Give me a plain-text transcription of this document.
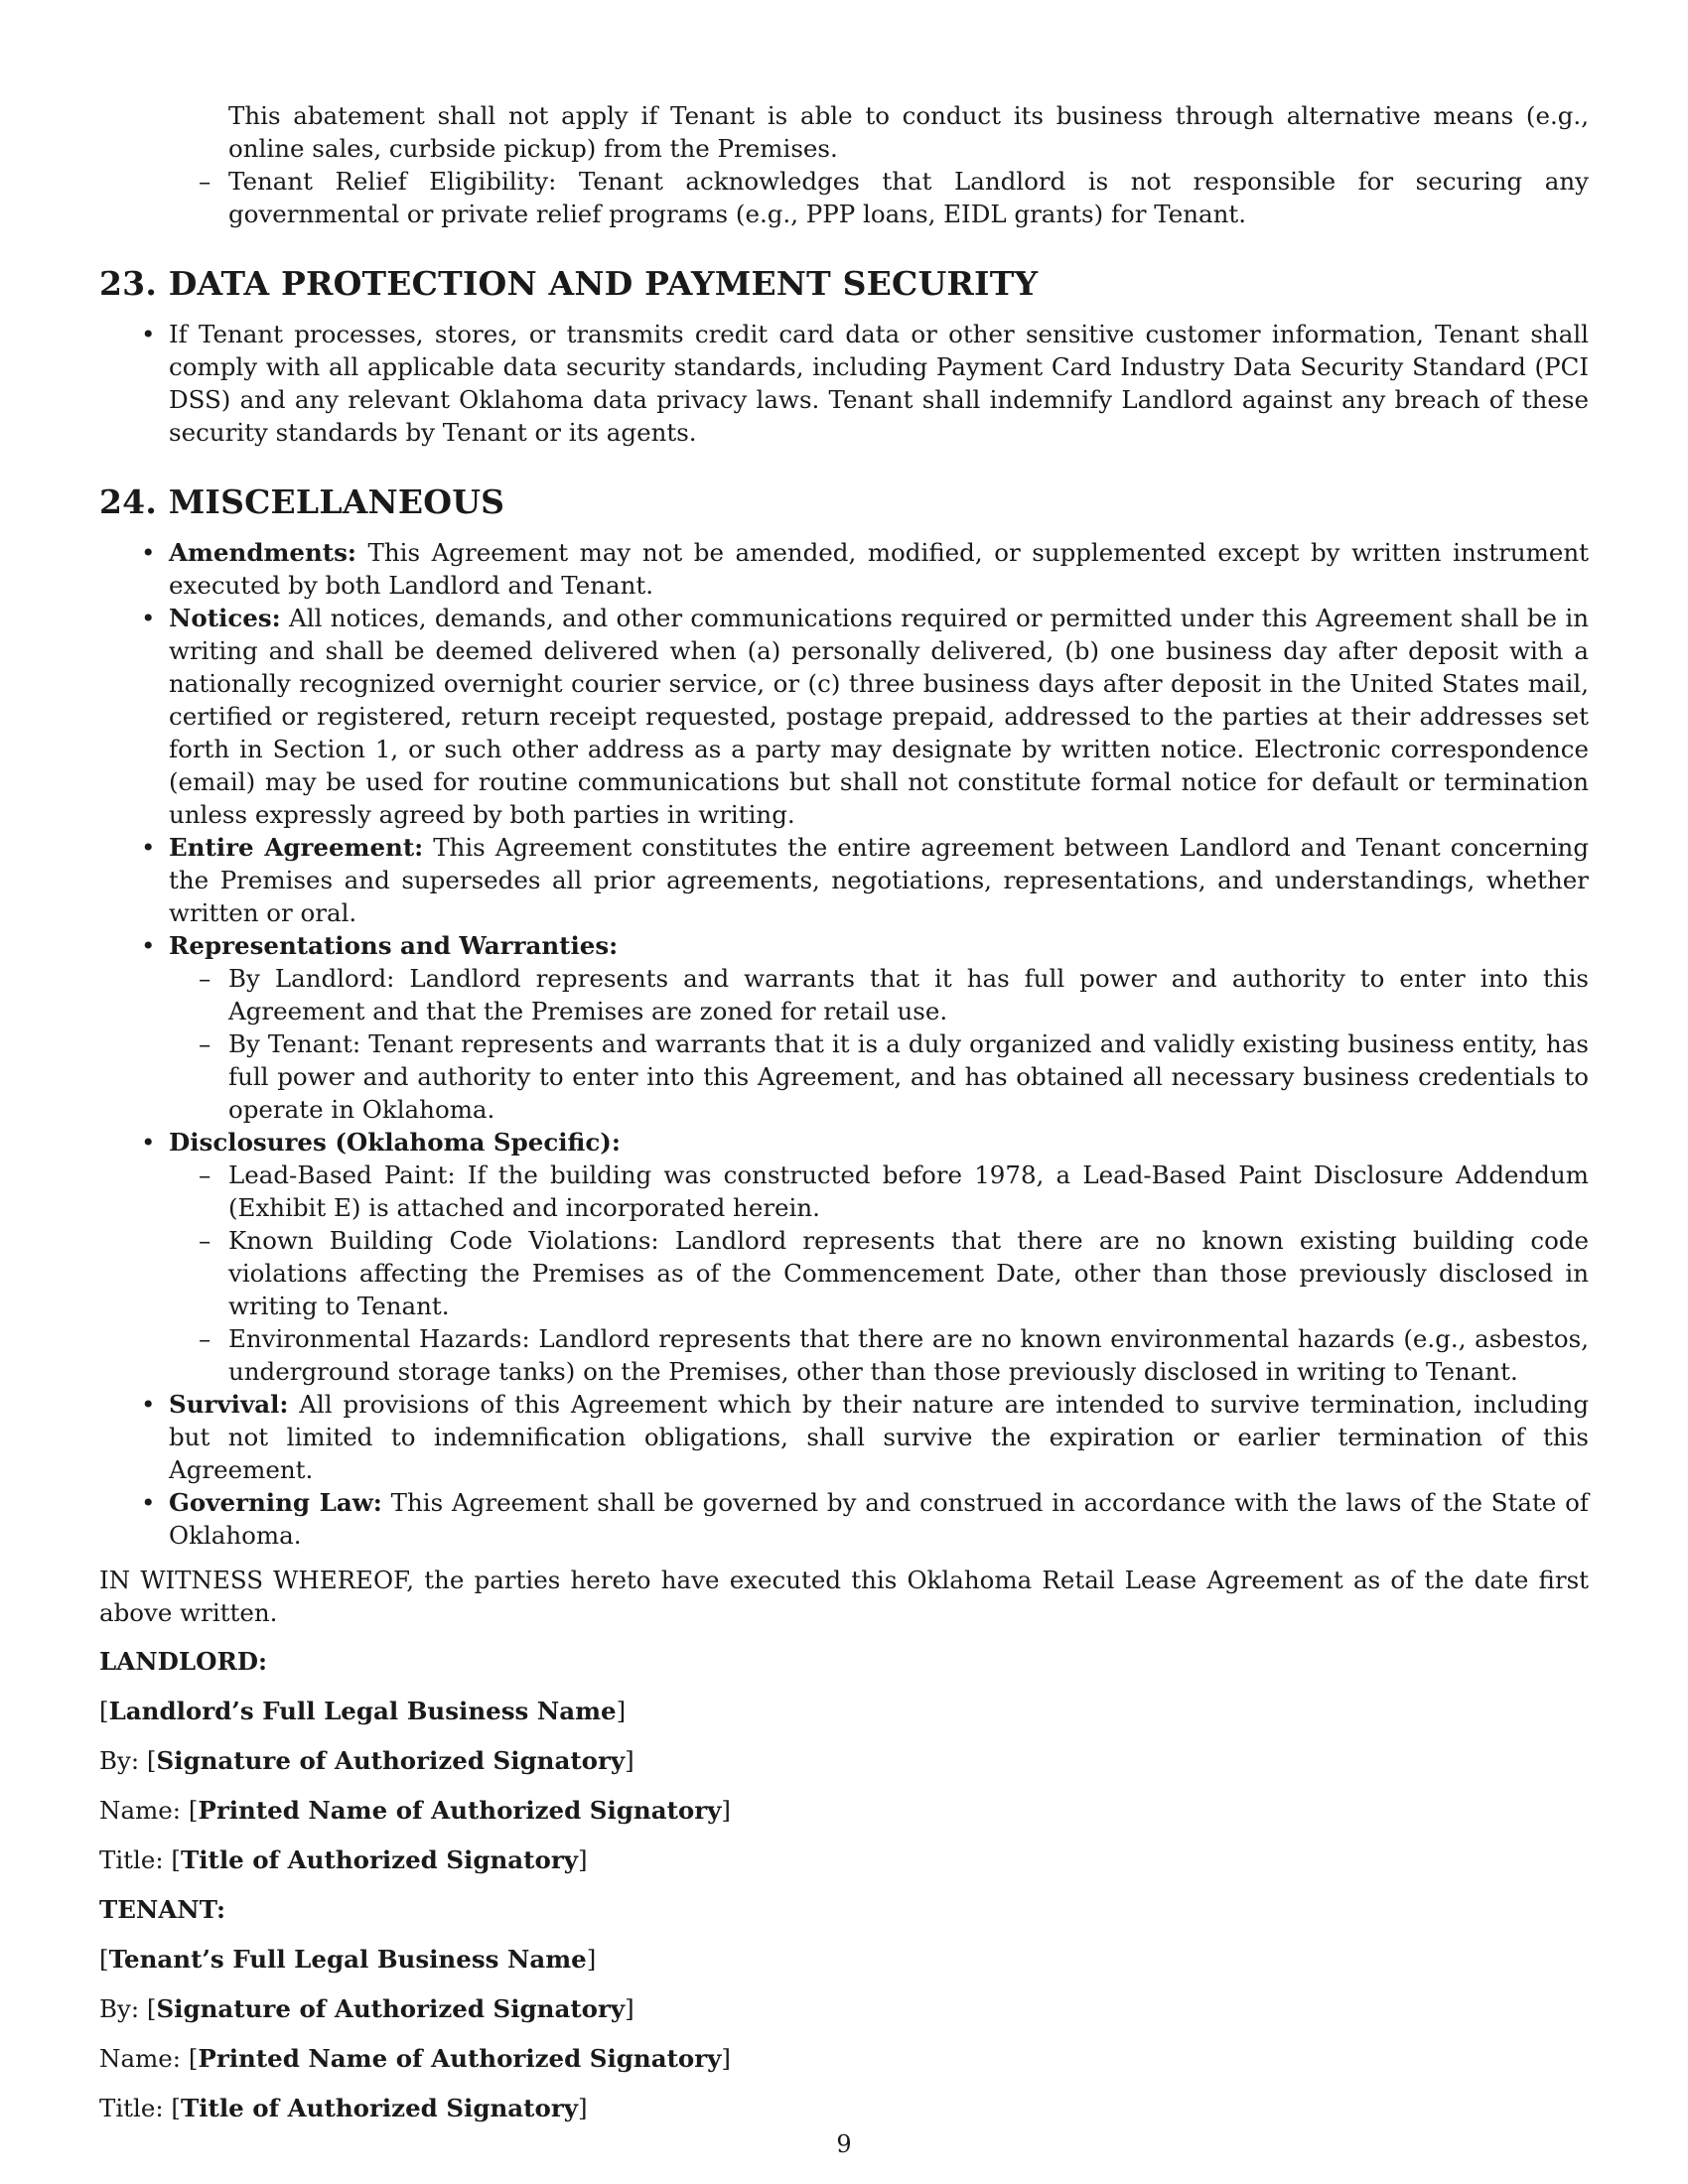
This abatement shall not apply if Tenant is able to conduct its business through alternative means (e.g., online sales, curbside pickup) from the Premises.

– Tenant Relief Eligibility: Tenant acknowledges that Landlord is not responsible for securing any governmental or private relief programs (e.g., PPP loans, EIDL grants) for Tenant.
23. DATA PROTECTION AND PAYMENT SECURITY
• If Tenant processes, stores, or transmits credit card data or other sensitive customer information, Tenant shall comply with all applicable data security standards, including Payment Card Industry Data Security Standard (PCI DSS) and any relevant Oklahoma data privacy laws. Tenant shall indemnify Landlord against any breach of these security standards by Tenant or its agents.
24. MISCELLANEOUS
• Amendments: This Agreement may not be amended, modified, or supplemented except by written instrument executed by both Landlord and Tenant.
• Notices: All notices, demands, and other communications required or permitted under this Agreement shall be in writing and shall be deemed delivered when (a) personally delivered, (b) one business day after deposit with a nationally recognized overnight courier service, or (c) three business days after deposit in the United States mail, certified or registered, return receipt requested, postage prepaid, addressed to the parties at their addresses set forth in Section 1, or such other address as a party may designate by written notice. Electronic correspondence (email) may be used for routine communications but shall not constitute formal notice for default or termination unless expressly agreed by both parties in writing.
• Entire Agreement: This Agreement constitutes the entire agreement between Landlord and Tenant concerning the Premises and supersedes all prior agreements, negotiations, representations, and understandings, whether written or oral.
• Representations and Warranties:
– By Landlord: Landlord represents and warrants that it has full power and authority to enter into this Agreement and that the Premises are zoned for retail use.
– By Tenant: Tenant represents and warrants that it is a duly organized and validly existing business entity, has full power and authority to enter into this Agreement, and has obtained all necessary business credentials to operate in Oklahoma.
• Disclosures (Oklahoma Specific):
– Lead-Based Paint: If the building was constructed before 1978, a Lead-Based Paint Disclosure Addendum (Exhibit E) is attached and incorporated herein.
– Known Building Code Violations: Landlord represents that there are no known existing building code violations affecting the Premises as of the Commencement Date, other than those previously disclosed in writing to Tenant.
– Environmental Hazards: Landlord represents that there are no known environmental hazards (e.g., asbestos, underground storage tanks) on the Premises, other than those previously disclosed in writing to Tenant.
• Survival: All provisions of this Agreement which by their nature are intended to survive termination, including but not limited to indemnification obligations, shall survive the expiration or earlier termination of this Agreement.
• Governing Law: This Agreement shall be governed by and construed in accordance with the laws of the State of Oklahoma.

IN WITNESS WHEREOF, the parties hereto have executed this Oklahoma Retail Lease Agreement as of the date first above written.

LANDLORD:

[Landlord’s Full Legal Business Name]

By: [Signature of Authorized Signatory]

Name: [Printed Name of Authorized Signatory]

Title: [Title of Authorized Signatory]

TENANT:

[Tenant’s Full Legal Business Name]

By: [Signature of Authorized Signatory]

Name: [Printed Name of Authorized Signatory]

Title: [Title of Authorized Signatory]

9
